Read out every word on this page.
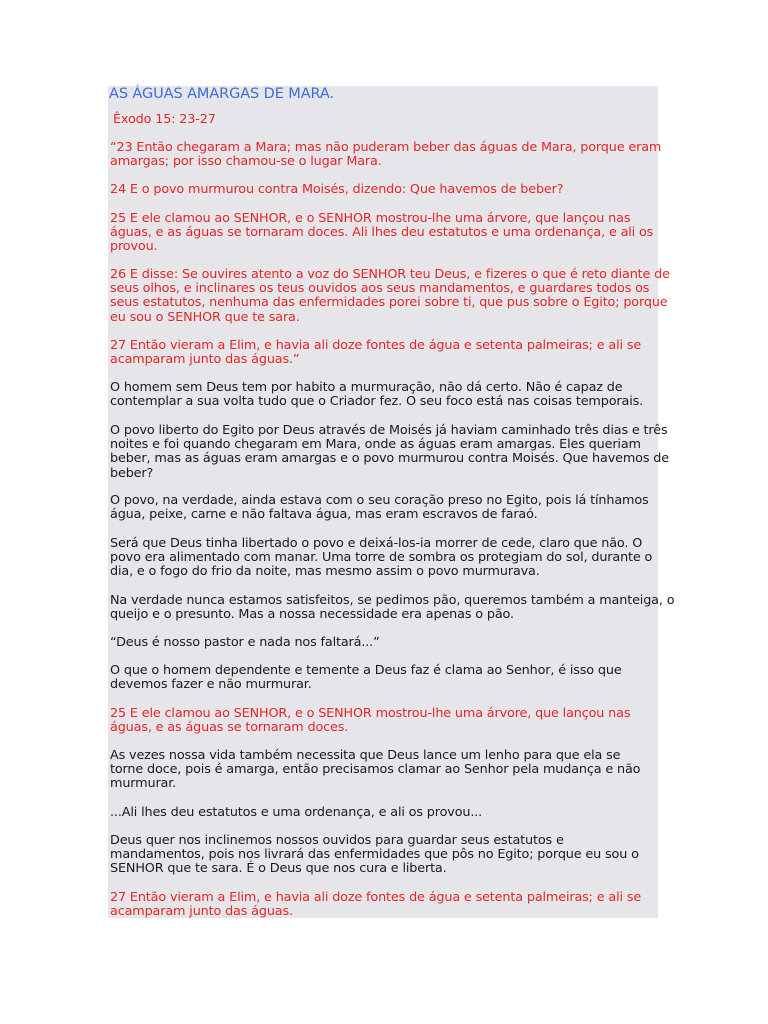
AS ÁGUAS AMARGAS DE MARA.
Êxodo 15: 23-27
“23 Então chegaram a Mara; mas não puderam beber das águas de Mara, porque eram
amargas; por isso chamou-se o lugar Mara.
24 E o povo murmurou contra Moisés, dizendo: Que havemos de beber?
25 E ele clamou ao SENHOR, e o SENHOR mostrou-lhe uma árvore, que lançou nas
águas, e as águas se tornaram doces. Ali lhes deu estatutos e uma ordenança, e ali os
provou.
26 E disse: Se ouvires atento a voz do SENHOR teu Deus, e fizeres o que é reto diante de
seus olhos, e inclinares os teus ouvidos aos seus mandamentos, e guardares todos os
seus estatutos, nenhuma das enfermidades porei sobre ti, que pus sobre o Egito; porque
eu sou o SENHOR que te sara.
27 Então vieram a Elim, e havia ali doze fontes de água e setenta palmeiras; e ali se
acamparam junto das águas.”
O homem sem Deus tem por habito a murmuração, não dá certo. Não é capaz de
contemplar a sua volta tudo que o Criador fez. O seu foco está nas coisas temporais.
O povo liberto do Egito por Deus através de Moisés já haviam caminhado três dias e três
noites e foi quando chegaram em Mara, onde as águas eram amargas. Eles queriam
beber, mas as águas eram amargas e o povo murmurou contra Moisés. Que havemos de
beber?
O povo, na verdade, ainda estava com o seu coração preso no Egito, pois lá tínhamos
água, peixe, carne e não faltava água, mas eram escravos de faraó.
Será que Deus tinha libertado o povo e deixá-los-ia morrer de cede, claro que não. O
povo era alimentado com manar. Uma torre de sombra os protegiam do sol, durante o
dia, e o fogo do frio da noite, mas mesmo assim o povo murmurava.
Na verdade nunca estamos satisfeitos, se pedimos pão, queremos também a manteiga, o
queijo e o presunto. Mas a nossa necessidade era apenas o pão.
“Deus é nosso pastor e nada nos faltará...”
O que o homem dependente e temente a Deus faz é clama ao Senhor, é isso que
devemos fazer e não murmurar.
25 E ele clamou ao SENHOR, e o SENHOR mostrou-lhe uma árvore, que lançou nas
águas, e as águas se tornaram doces.
As vezes nossa vida também necessita que Deus lance um lenho para que ela se
torne doce, pois é amarga, então precisamos clamar ao Senhor pela mudança e não
murmurar.
...Ali lhes deu estatutos e uma ordenança, e ali os provou...
Deus quer nos inclinemos nossos ouvidos para guardar seus estatutos e
mandamentos, pois nos livrará das enfermidades que pôs no Egito; porque eu sou o
SENHOR que te sara. É o Deus que nos cura e liberta.
27 Então vieram a Elim, e havia ali doze fontes de água e setenta palmeiras; e ali se
acamparam junto das águas.
